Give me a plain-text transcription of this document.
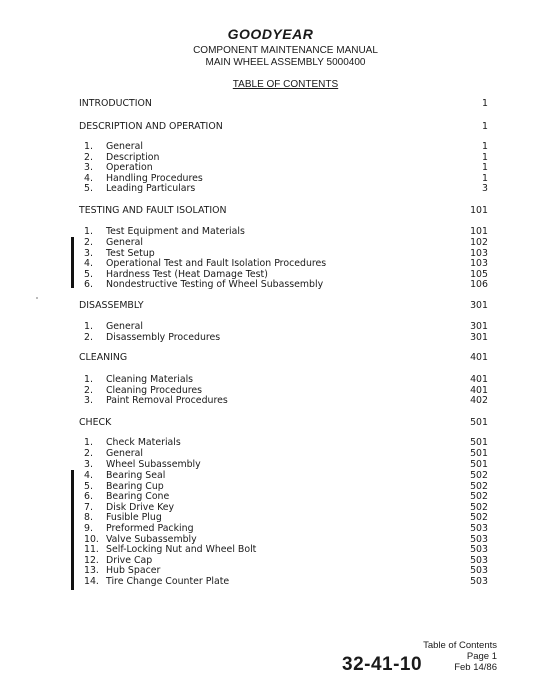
GOODYEAR
COMPONENT MAINTENANCE MANUAL
MAIN WHEEL ASSEMBLY 5000400
TABLE OF CONTENTS
INTRODUCTION	1
DESCRIPTION AND OPERATION	1
1. General	1
2. Description	1
3. Operation	1
4. Handling Procedures	1
5. Leading Particulars	3
TESTING AND FAULT ISOLATION	101
1. Test Equipment and Materials	101
2. General	102
3. Test Setup	103
4. Operational Test and Fault Isolation Procedures	103
5. Hardness Test (Heat Damage Test)	105
6. Nondestructive Testing of Wheel Subassembly	106
DISASSEMBLY	301
1. General	301
2. Disassembly Procedures	301
CLEANING	401
1. Cleaning Materials	401
2. Cleaning Procedures	401
3. Paint Removal Procedures	402
CHECK	501
1. Check Materials	501
2. General	501
3. Wheel Subassembly	501
4. Bearing Seal	502
5. Bearing Cup	502
6. Bearing Cone	502
7. Disk Drive Key	502
8. Fusible Plug	502
9. Preformed Packing	503
10. Valve Subassembly	503
11. Self-Locking Nut and Wheel Bolt	503
12. Drive Cap	503
13. Hub Spacer	503
14. Tire Change Counter Plate	503
Table of Contents
Page 1
32-41-10	Feb 14/86
